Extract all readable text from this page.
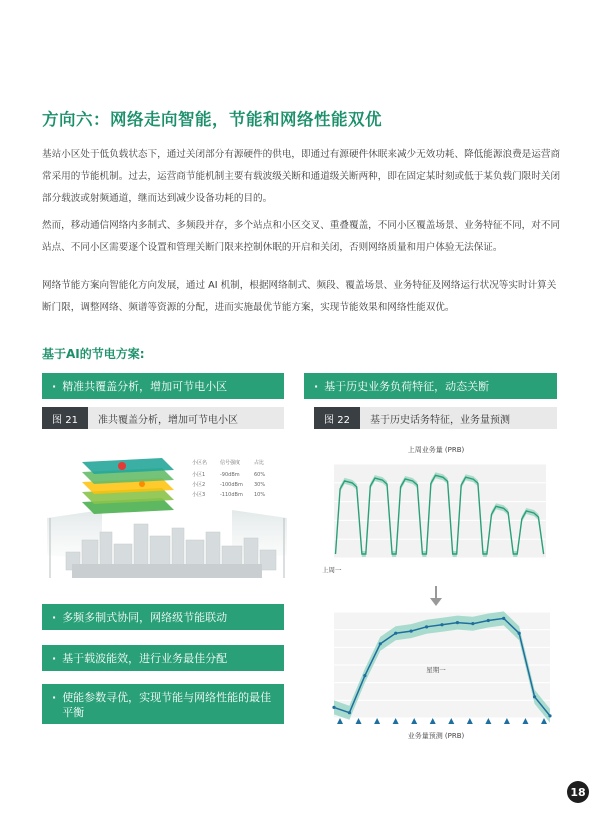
方向六：网络走向智能，节能和网络性能双优

基站小区处于低负载状态下，通过关闭部分有源硬件的供电，即通过有源硬件休眠来减少无效功耗、降低能源浪费是运营商常采用的节能机制。过去，运营商节能机制主要有载波级关断和通道级关断两种，即在固定某时刻或低于某负载门限时关闭部分载波或射频通道，继而达到减少设备功耗的目的。

然而，移动通信网络内多制式、多频段并存，多个站点和小区交叉、重叠覆盖，不同小区覆盖场景、业务特征不同，对不同站点、不同小区需要逐个设置和管理关断门限来控制休眠的开启和关闭，否则网络质量和用户体验无法保证。

网络节能方案向智能化方向发展，通过 AI 机制，根据网络制式、频段、覆盖场景、业务特征及网络运行状况等实时计算关断门限，调整网络、频谱等资源的分配，进而实施最优节能方案，实现节能效果和网络性能双优。

基于AI的节电方案:
· 精准共覆盖分析，增加可节电小区	· 基于历史业务负荷特征，动态关断
图 21	准共覆盖分析，增加可节电小区	图 22	基于历史话务特征，业务量预测
小区名	信号强度	占比
小区1	-90dBm	60%
小区2	-100dBm 30%
小区3	-110dBm 10%
上周业务量 (PRB)
上周一
星期一
业务量预测 (PRB)
· 多频多制式协同，网络级节能联动
· 基于载波能效，进行业务最佳分配
· 使能参数寻优，实现节能与网络性能的最佳平衡
18
